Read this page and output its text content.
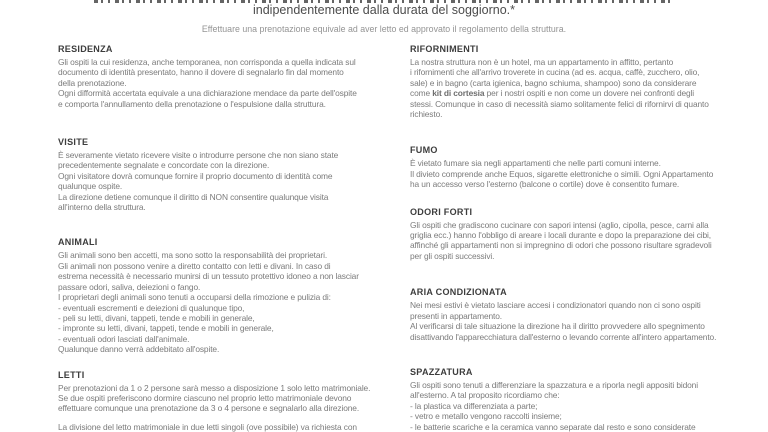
indipendentemente dalla durata del soggiorno.*
Effettuare una prenotazione equivale ad aver letto ed approvato il regolamento della struttura.
RESIDENZA
Gli ospiti la cui residenza, anche temporanea, non corrisponda a quella indicata sul
documento di identità presentato, hanno il dovere di segnalarlo fin dal momento
della prenotazione.
Ogni difformità accertata equivale a una dichiarazione mendace da parte dell'ospite
e comporta l'annullamento della prenotazione o l'espulsione dalla struttura.
VISITE
È severamente vietato ricevere visite o introdurre persone che non siano state
precedentemente segnalate e concordate con la direzione.
Ogni visitatore dovrà comunque fornire il proprio documento di identità come
qualunque ospite.
La direzione detiene comunque il diritto di NON consentire qualunque visita
all'interno della struttura.
ANIMALI
Gli animali sono ben accetti, ma sono sotto la responsabilità dei proprietari.
Gli animali non possono venire a diretto contatto con letti e divani. In caso di
estrema necessità è necessario munirsi di un tessuto protettivo idoneo a non lasciar
passare odori, saliva, deiezioni o fango.
I proprietari degli animali sono tenuti a occuparsi della rimozione e pulizia di:
- eventuali escrementi e deiezioni di qualunque tipo,
- peli su letti, divani, tappeti, tende e mobili in generale,
- impronte su letti, divani, tappeti, tende e mobili in generale,
- eventuali odori lasciati dall'animale.
Qualunque danno verrà addebitato all'ospite.
LETTI
Per prenotazioni da 1 o 2 persone sarà messo a disposizione 1 solo letto matrimoniale.
Se due ospiti preferiscono dormire ciascuno nel proprio letto matrimoniale devono
effettuare comunque una prenotazione da 3 o 4 persone e segnalarlo alla direzione.
La divisione del letto matrimoniale in due letti singoli (ove possibile) va richiesta con
RIFORNIMENTI
La nostra struttura non è un hotel, ma un appartamento in affitto, pertanto
i rifornimenti che all'arrivo troverete in cucina (ad es. acqua, caffè, zucchero, olio,
sale) e in bagno (carta igienica, bagno schiuma, shampoo) sono da considerare
come kit di cortesia per i nostri ospiti e non come un dovere nei confronti degli
stessi. Comunque in caso di necessità siamo solitamente felici di rifornirvi di quanto
richiesto.
FUMO
È vietato fumare sia negli appartamenti che nelle parti comuni interne.
Il divieto comprende anche Equos, sigarette elettroniche o simili. Ogni Appartamento
ha un accesso verso l'esterno (balcone o cortile) dove è consentito fumare.
ODORI FORTI
Gli ospiti che gradiscono cucinare con sapori intensi (aglio, cipolla, pesce, carni alla
griglia ecc.) hanno l'obbligo di areare i locali durante e dopo la preparazione dei cibi,
affinché gli appartamenti non si impregnino di odori che possono risultare sgradevoli
per gli ospiti successivi.
ARIA CONDIZIONATA
Nei mesi estivi è vietato lasciare accesi i condizionatori quando non ci sono ospiti
presenti in appartamento.
Al verificarsi di tale situazione la direzione ha il diritto provvedere allo spegnimento
disattivando l'apparecchiatura dall'esterno o levando corrente all'intero appartamento.
SPAZZATURA
Gli ospiti sono tenuti a differenziare la spazzatura e a riporla negli appositi bidoni
all'esterno. A tal proposito ricordiamo che:
- la plastica va differenziata a parte;
- vetro e metallo vengono raccolti insieme;
- le batterie scariche e la ceramica vanno separate dal resto e sono considerate
